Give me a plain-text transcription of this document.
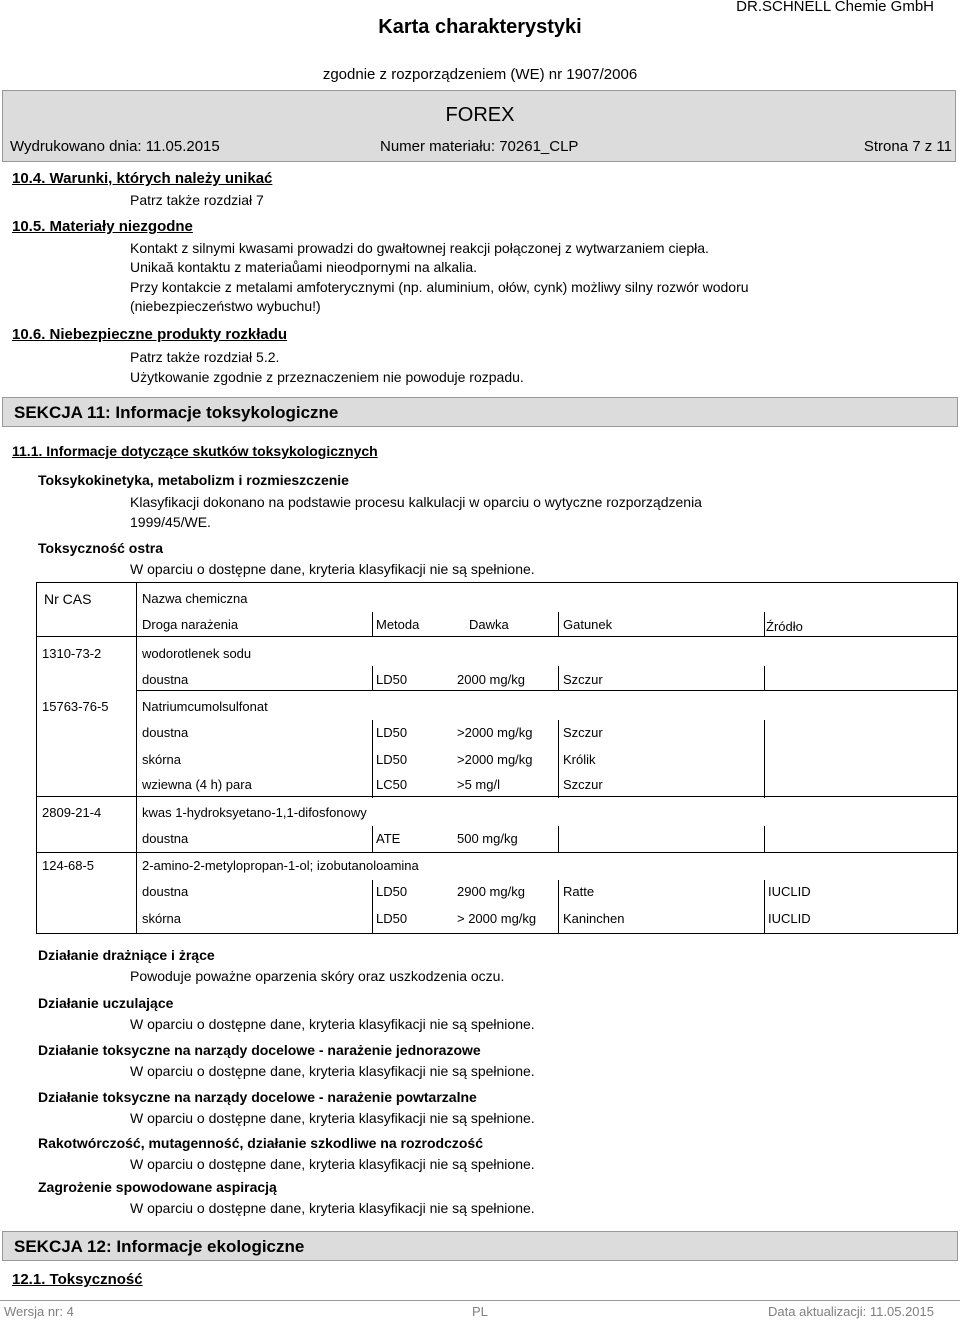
DR.SCHNELL Chemie GmbH
Karta charakterystyki
zgodnie z rozporządzeniem (WE) nr 1907/2006
FOREX
Wydrukowano dnia: 11.05.2015	Numer materiału: 70261_CLP	Strona 7 z 11
10.4. Warunki, których należy unikać
Patrz także rozdział 7
10.5. Materiały niezgodne
Kontakt z silnymi kwasami prowadzi do gwałtownej reakcji połączonej z wytwarzaniem ciepła.
Unikaă kontaktu z materiaůami nieodpornymi na alkalia.
Przy kontakcie z metalami amfoterycznymi (np. aluminium, ołów, cynk) możliwy silny rozwór wodoru
(niebezpieczeństwo wybuchu!)
10.6. Niebezpieczne produkty rozkładu
Patrz także rozdział 5.2.
Użytkowanie zgodnie z przeznaczeniem nie powoduje rozpadu.
SEKCJA 11: Informacje toksykologiczne
11.1. Informacje dotyczące skutków toksykologicznych
Toksykokinetyka, metabolizm i rozmieszczenie
Klasyfikacji dokonano na podstawie procesu kalkulacji w oparciu o wytyczne rozporządzenia
1999/45/WE.
Toksyczność ostra
W oparciu o dostępne dane, kryteria klasyfikacji nie są spełnione.
Nr CAS	Nazwa chemiczna
Droga narażenia	Metoda	Dawka	Gatunek	Źródło
1310-73-2	wodorotlenek sodu
doustna	LD50	2000 mg/kg	Szczur
15763-76-5	Natriumcumolsulfonat
doustna	LD50	>2000 mg/kg Szczur
skórna	LD50	>2000 mg/kg Królik
wziewna (4 h) para	LC50	>5 mg/l	Szczur
2809-21-4	kwas 1-hydroksyetano-1,1-difosfonowy
doustna	ATE	500 mg/kg
124-68-5	2-amino-2-metylopropan-1-ol; izobutanoloamina
doustna	LD50	2900 mg/kg	Ratte	IUCLID
skórna	LD50	> 2000 mg/kg Kaninchen	IUCLID
Działanie drażniące i żrące
Powoduje poważne oparzenia skóry oraz uszkodzenia oczu.
Działanie uczulające
W oparciu o dostępne dane, kryteria klasyfikacji nie są spełnione.
Działanie toksyczne na narządy docelowe - narażenie jednorazowe
W oparciu o dostępne dane, kryteria klasyfikacji nie są spełnione.
Działanie toksyczne na narządy docelowe - narażenie powtarzalne
W oparciu o dostępne dane, kryteria klasyfikacji nie są spełnione.
Rakotwórczość, mutagenność, działanie szkodliwe na rozrodczość
W oparciu o dostępne dane, kryteria klasyfikacji nie są spełnione.
Zagrożenie spowodowane aspiracją
W oparciu o dostępne dane, kryteria klasyfikacji nie są spełnione.
SEKCJA 12: Informacje ekologiczne
12.1. Toksyczność
Wersja nr: 4	PL	Data aktualizacji: 11.05.2015
